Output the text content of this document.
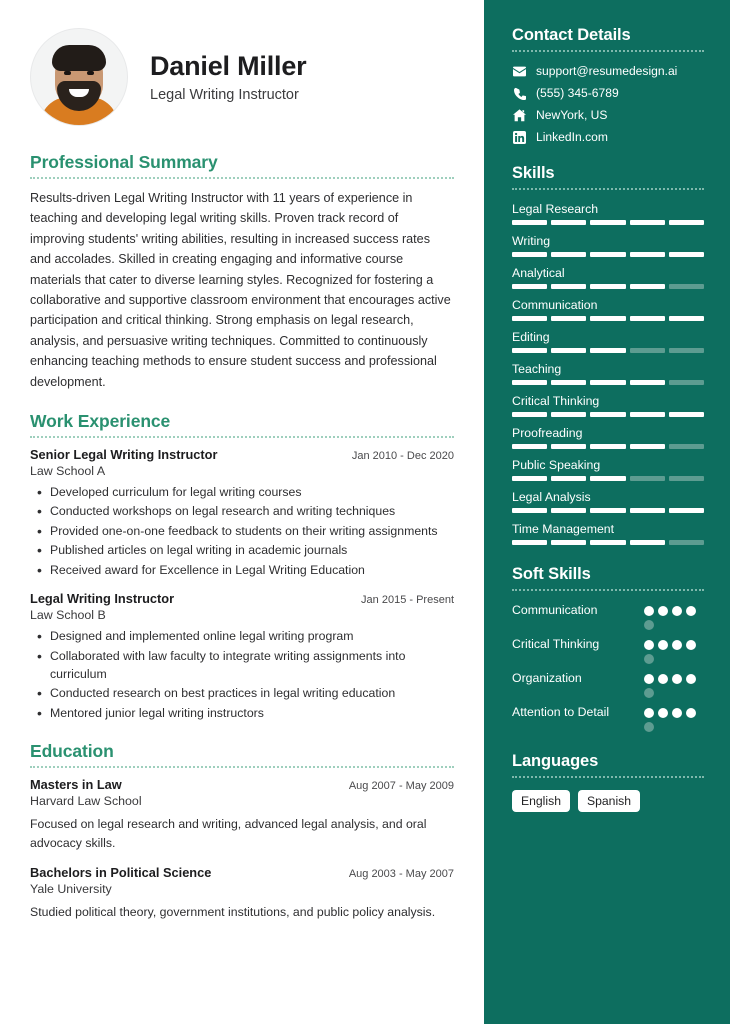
Daniel Miller
Legal Writing Instructor
Professional Summary
Results-driven Legal Writing Instructor with 11 years of experience in teaching and developing legal writing skills. Proven track record of improving students' writing abilities, resulting in increased success rates and accolades. Skilled in creating engaging and informative course materials that cater to diverse learning styles. Recognized for fostering a collaborative and supportive classroom environment that encourages active participation and critical thinking. Strong emphasis on legal research, analysis, and persuasive writing techniques. Committed to continuously enhancing teaching methods to ensure student success and professional development.
Work Experience
Senior Legal Writing Instructor	Jan 2010 - Dec 2020
Law School A
• Developed curriculum for legal writing courses
• Conducted workshops on legal research and writing techniques
• Provided one-on-one feedback to students on their writing assignments
• Published articles on legal writing in academic journals
• Received award for Excellence in Legal Writing Education
Legal Writing Instructor	Jan 2015 - Present
Law School B
• Designed and implemented online legal writing program
• Collaborated with law faculty to integrate writing assignments into curriculum
• Conducted research on best practices in legal writing education
• Mentored junior legal writing instructors
Education
Masters in Law	Aug 2007 - May 2009
Harvard Law School
Focused on legal research and writing, advanced legal analysis, and oral advocacy skills.
Bachelors in Political Science	Aug 2003 - May 2007
Yale University
Studied political theory, government institutions, and public policy analysis.
Contact Details
support@resumedesign.ai
(555) 345-6789
NewYork, US
LinkedIn.com
Skills
Legal Research
Writing
Analytical
Communication
Editing
Teaching
Critical Thinking
Proofreading
Public Speaking
Legal Analysis
Time Management
Soft Skills
Communication
Critical Thinking
Organization
Attention to Detail
Languages
English	Spanish
